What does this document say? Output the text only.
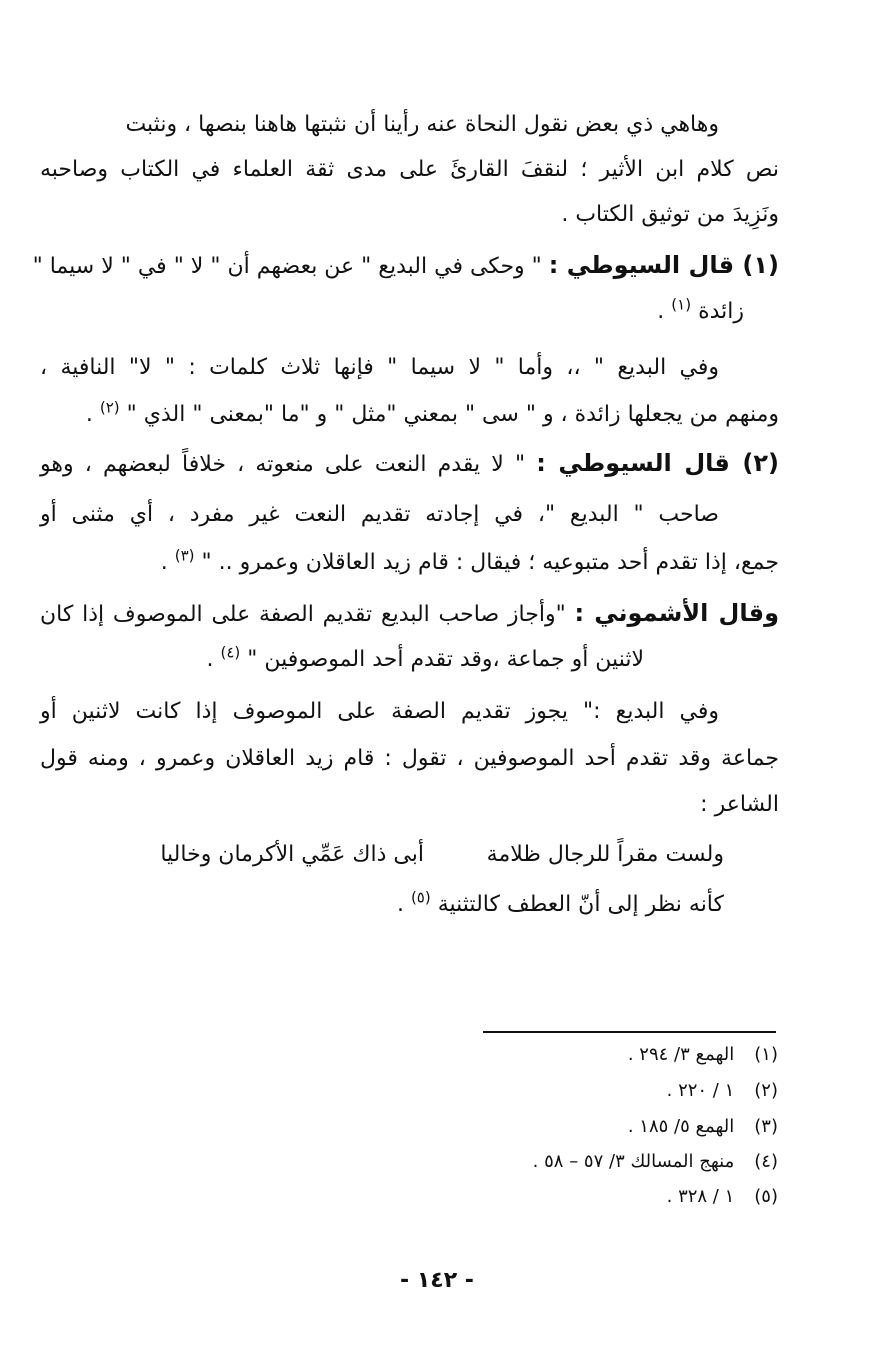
وهاهي ذي بعض نقول النحاة عنه رأينا أن نثبتها هاهنا بنصها ، ونثبت
نص كلام ابن الأثير ؛ لنقفَ القارئَ على مدى ثقة العلماء في الكتاب وصاحبه
ونَزِيدَ من توثيق الكتاب .
(١) قال السيوطي : " وحكى في البديع " عن بعضهم أن " لا " في " لا سيما "
زائدة $^{(١)}$ .
وفي البديع " ،، وأما " لا سيما " فإنها ثلاث كلمات : " لا" النافية ،
ومنهم من يجعلها زائدة ، و " سى " بمعني "مثل " و "ما "بمعنى " الذي " $^{(٢)}$ .
(٢) قال السيوطي : " لا يقدم النعت على منعوته ، خلافاً لبعضهم ، وهو
صاحب " البديع "، في إجادته تقديم النعت غير مفرد ، أي مثنى أو
جمع، إذا تقدم أحد متبوعيه ؛ فيقال : قام زيد العاقلان وعمرو .. " $^{(٣)}$ .
وقال الأشموني : "وأجاز صاحب البديع تقديم الصفة على الموصوف إذا كان
لاثنين أو جماعة ،وقد تقدم أحد الموصوفين " $^{(٤)}$ .
وفي البديع :" يجوز تقديم الصفة على الموصوف إذا كانت لاثنين أو
جماعة وقد تقدم أحد الموصوفين ، تقول : قام زيد العاقلان وعمرو ، ومنه قول
الشاعر :
ولست مقراً للرجال ظلامة
أبى ذاك عَمِّي الأكرمان وخاليا
كأنه نظر إلى أنّ العطف كالتثنية $^{(٥)}$ .
(١) الهمع ٣/ ٢٩٤ .
(٢) ١ / ٢٢٠ .
(٣) الهمع ٥/ ١٨٥ .
(٤) منهج المسالك ٣/ ٥٧ – ٥٨ .
(٥) ١ / ٣٢٨ .
- ١٤٢ -
